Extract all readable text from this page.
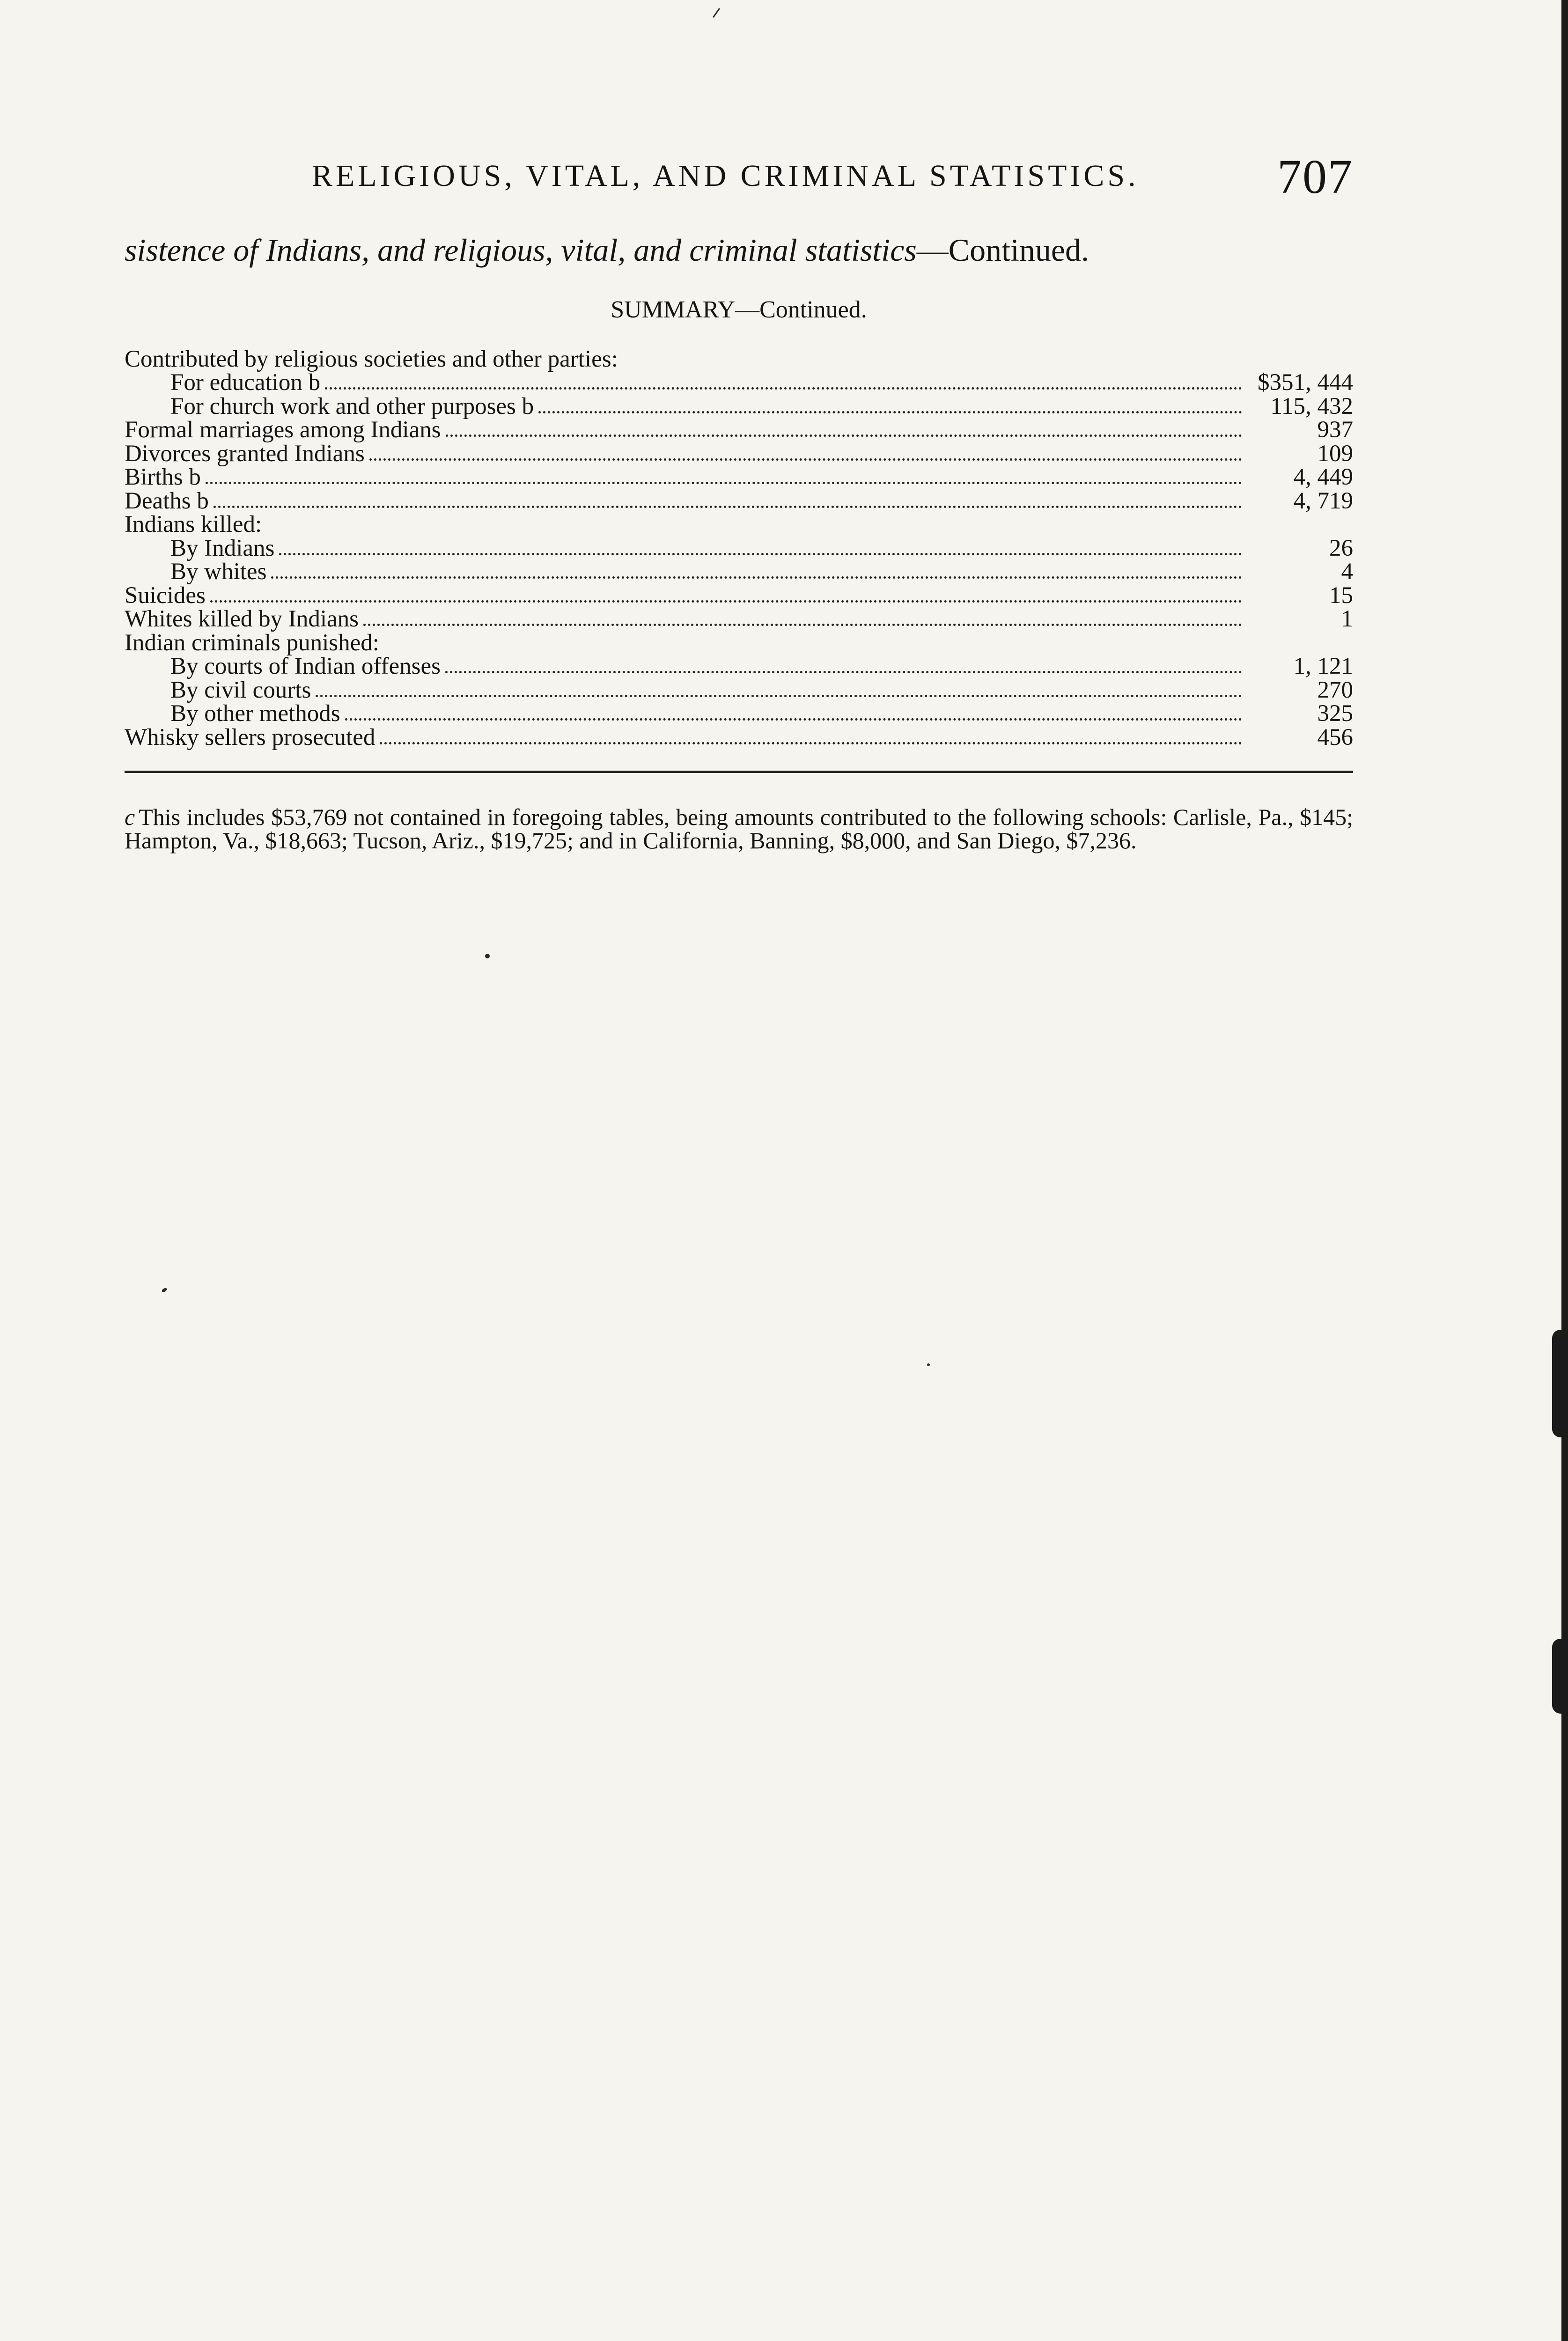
RELIGIOUS, VITAL, AND CRIMINAL STATISTICS.	707
sistence of Indians, and religious, vital, and criminal statistics—Continued.
SUMMARY—Continued.
Contributed by religious societies and other parties:
For education b	$351, 444
For church work and other purposes b	115, 432
Formal marriages among Indians	937
Divorces granted Indians	109
Births b	4, 449
Deaths b	4, 719
Indians killed:
By Indians	26
By whites	4
Suicides	15
Whites killed by Indians	1
Indian criminals punished:
By courts of Indian offenses	1, 121
By civil courts	270
By other methods	325
Whisky sellers prosecuted	456

c This includes $53,769 not contained in foregoing tables, being amounts contributed to the following schools: Carlisle, Pa., $145; Hampton, Va., $18,663; Tucson, Ariz., $19,725; and in California, Banning, $8,000, and San Diego, $7,236.
